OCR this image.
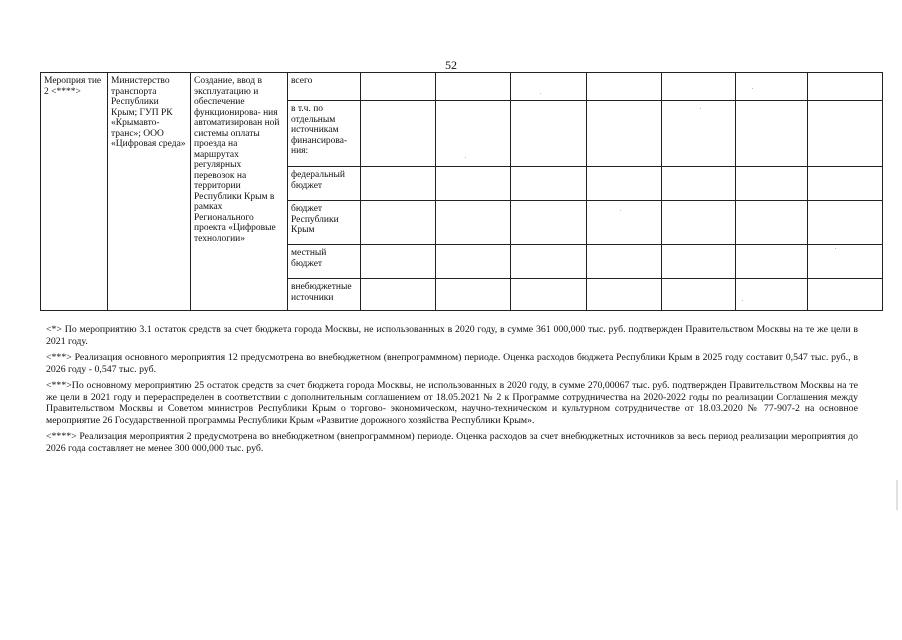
52
Мероприя тие 2 <****>	Министерство транспорта Республики Крым; ГУП РК «Крымавто- транс»; ООО «Цифровая среда»	Создание, ввод в эксплуатацию и обеспечение функционирова- ния автоматизирован ной системы оплаты проезда на маршрутах регулярных перевозок на территории Республики Крым в рамках Регионального проекта «Цифровые технологии»	всего							
			в т.ч. по отдельным источникам финансирова- ния:							
			федеральный бюджет							
			бюджет Республики Крым							
			местный бюджет							
			внебюджетные источники							

<*> По мероприятию 3.1 остаток средств за счет бюджета города Москвы, не использованных в 2020 году, в сумме 361 000,000 тыс. руб. подтвержден Правительством Москвы на те же цели в 2021 году.

<***> Реализация основного мероприятия 12 предусмотрена во внебюджетном (внепрограммном) периоде. Оценка расходов бюджета Республики Крым в 2025 году составит 0,547 тыс. руб., в 2026 году - 0,547 тыс. руб.

<***>По основному мероприятию 25 остаток средств за счет бюджета города Москвы, не использованных в 2020 году, в сумме 270,00067 тыс. руб. подтвержден Правительством Москвы на те же цели в 2021 году и перераспределен в соответствии с дополнительным соглашением от 18.05.2021 № 2 к Программе сотрудничества на 2020-2022 годы по реализации Соглашения между Правительством Москвы и Советом министров Республики Крым о торгово- экономическом, научно-техническом и культурном сотрудничестве от 18.03.2020 № 77-907-2 на основное мероприятие 26 Государственной программы Республики Крым «Развитие дорожного хозяйства Республики Крым».

<****> Реализация мероприятия 2 предусмотрена во внебюджетном (внепрограммном) периоде. Оценка расходов за счет внебюджетных источников за весь период реализации мероприятия до 2026 года составляет не менее 300 000,000 тыс. руб.
